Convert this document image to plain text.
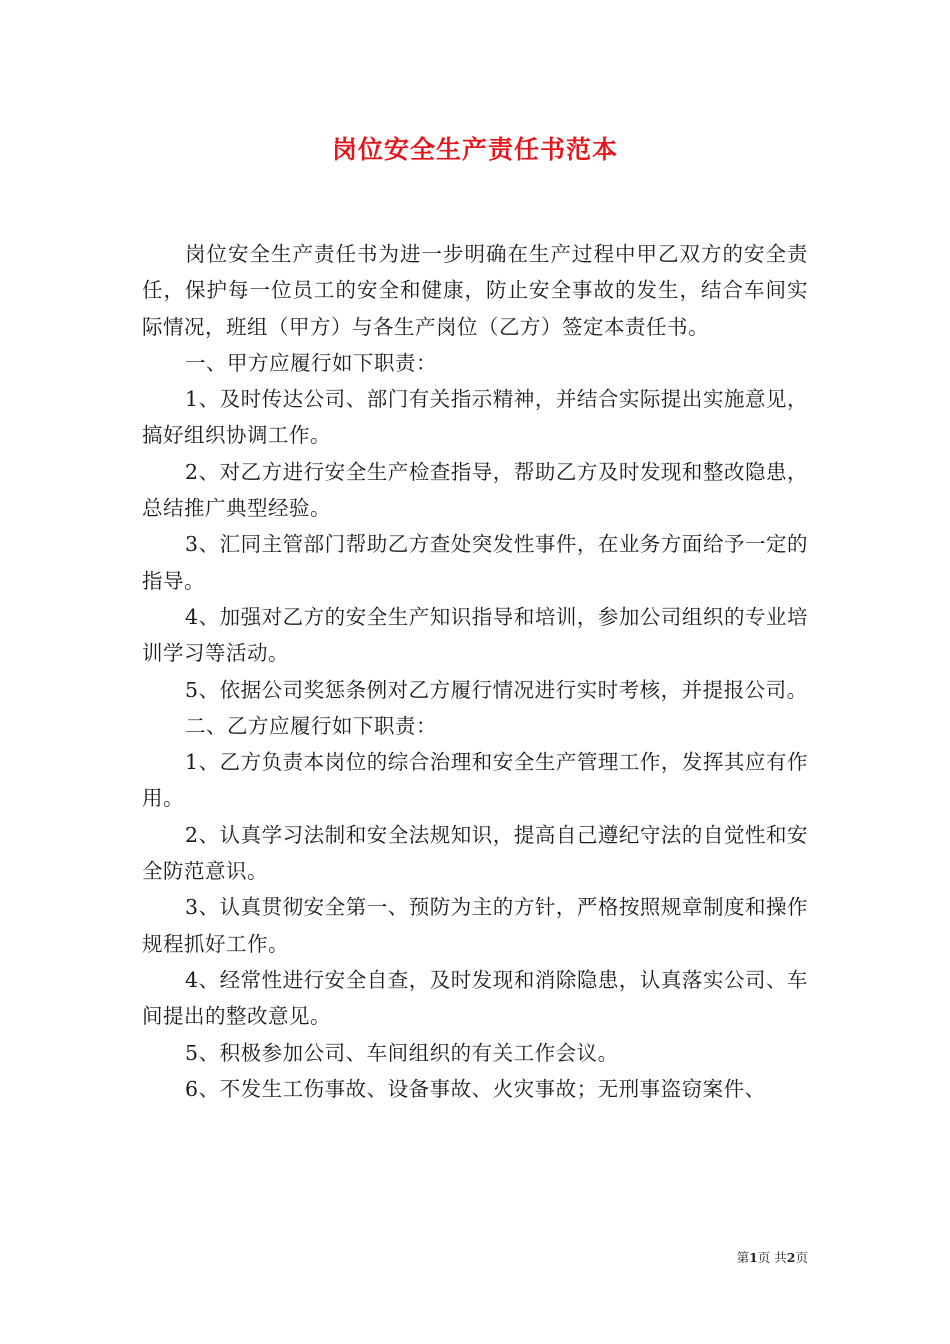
岗位安全生产责任书范本

岗位安全生产责任书为进一步明确在生产过程中甲乙双方的安全责任，保护每一位员工的安全和健康，防止安全事故的发生，结合车间实际情况，班组（甲方）与各生产岗位（乙方）签定本责任书。

一、甲方应履行如下职责：

1、及时传达公司、部门有关指示精神，并结合实际提出实施意见，搞好组织协调工作。

2、对乙方进行安全生产检查指导，帮助乙方及时发现和整改隐患，总结推广典型经验。

3、汇同主管部门帮助乙方查处突发性事件，在业务方面给予一定的指导。

4、加强对乙方的安全生产知识指导和培训，参加公司组织的专业培训学习等活动。

5、依据公司奖惩条例对乙方履行情况进行实时考核，并提报公司。

二、乙方应履行如下职责：

1、乙方负责本岗位的综合治理和安全生产管理工作，发挥其应有作用。

2、认真学习法制和安全法规知识，提高自己遵纪守法的自觉性和安全防范意识。

3、认真贯彻安全第一、预防为主的方针，严格按照规章制度和操作规程抓好工作。

4、经常性进行安全自查，及时发现和消除隐患，认真落实公司、车间提出的整改意见。

5、积极参加公司、车间组织的有关工作会议。

6、不发生工伤事故、设备事故、火灾事故；无刑事盗窃案件、

第1页 共2页
